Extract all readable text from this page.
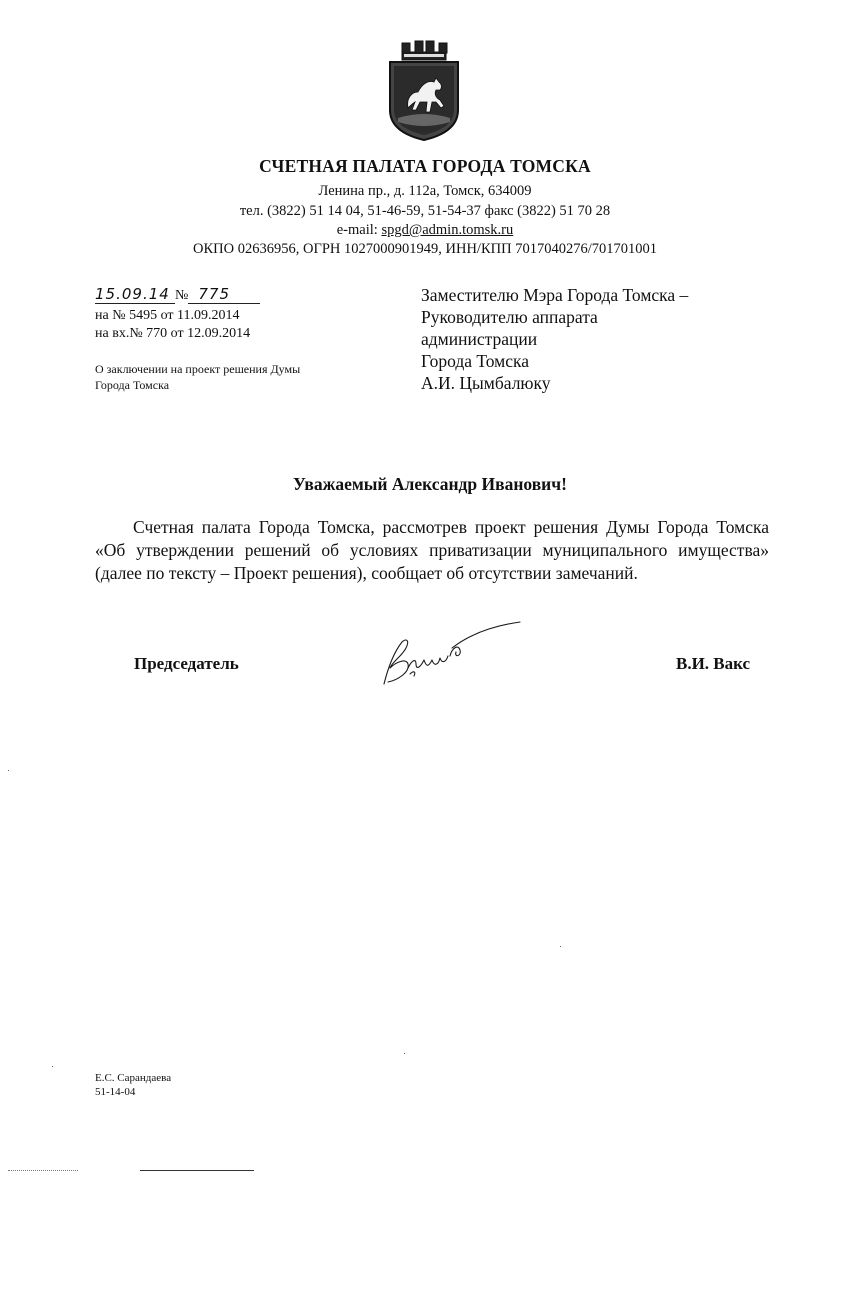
СЧЕТНАЯ ПАЛАТА ГОРОДА ТОМСКА
Ленина пр., д. 112а, Томск, 634009
тел. (3822) 51 14 04, 51-46-59, 51-54-37 факс (3822) 51 70 28
e-mail: spgd@admin.tomsk.ru
ОКПО 02636956, ОГРН 1027000901949, ИНН/КПП 7017040276/701701001
15.09.14 № 775
на № 5495 от 11.09.2014
на вх.№ 770 от 12.09.2014
О заключении на проект решения Думы
Города Томска
Заместителю Мэра Города Томска –
Руководителю аппарата
администрации
Города Томска
А.И. Цымбалюку
Уважаемый Александр Иванович!
Счетная палата Города Томска, рассмотрев проект решения Думы Города Томска «Об утверждении решений об условиях приватизации муниципального имущества» (далее по тексту – Проект решения), сообщает об отсутствии замечаний.
Председатель	В.И. Вакс
Е.С. Сарандаева
51-14-04
